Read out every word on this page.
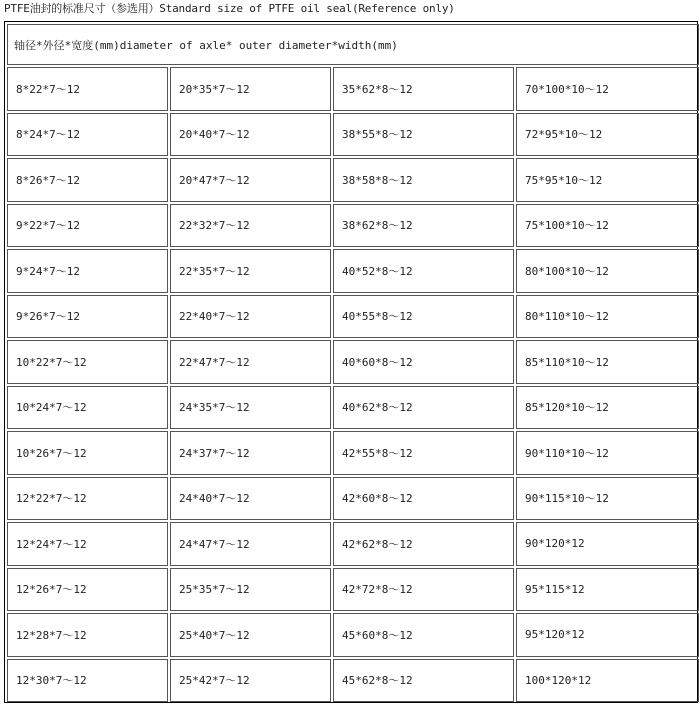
PTFE油封的标准尺寸（参选用）Standard size of PTFE oil seal(Reference only)
轴径*外径*宽度(mm)diameter of axle* outer diameter*width(mm)			
8*22*7～12	20*35*7～12	35*62*8～12	70*100*10～12
8*24*7～12	20*40*7～12	38*55*8～12	72*95*10～12
8*26*7～12	20*47*7～12	38*58*8～12	75*95*10～12
9*22*7～12	22*32*7～12	38*62*8～12	75*100*10～12
9*24*7～12	22*35*7～12	40*52*8～12	80*100*10～12
9*26*7～12	22*40*7～12	40*55*8～12	80*110*10～12
10*22*7～12	22*47*7～12	40*60*8～12	85*110*10～12
10*24*7～12	24*35*7～12	40*62*8～12	85*120*10～12
10*26*7～12	24*37*7～12	42*55*8～12	90*110*10～12
12*22*7～12	24*40*7～12	42*60*8～12	90*115*10～12
12*24*7～12	24*47*7～12	42*62*8～12	90*120*12
12*26*7～12	25*35*7～12	42*72*8～12	95*115*12
12*28*7～12	25*40*7～12	45*60*8～12	95*120*12
12*30*7～12	25*42*7～12	45*62*8～12	100*120*12
